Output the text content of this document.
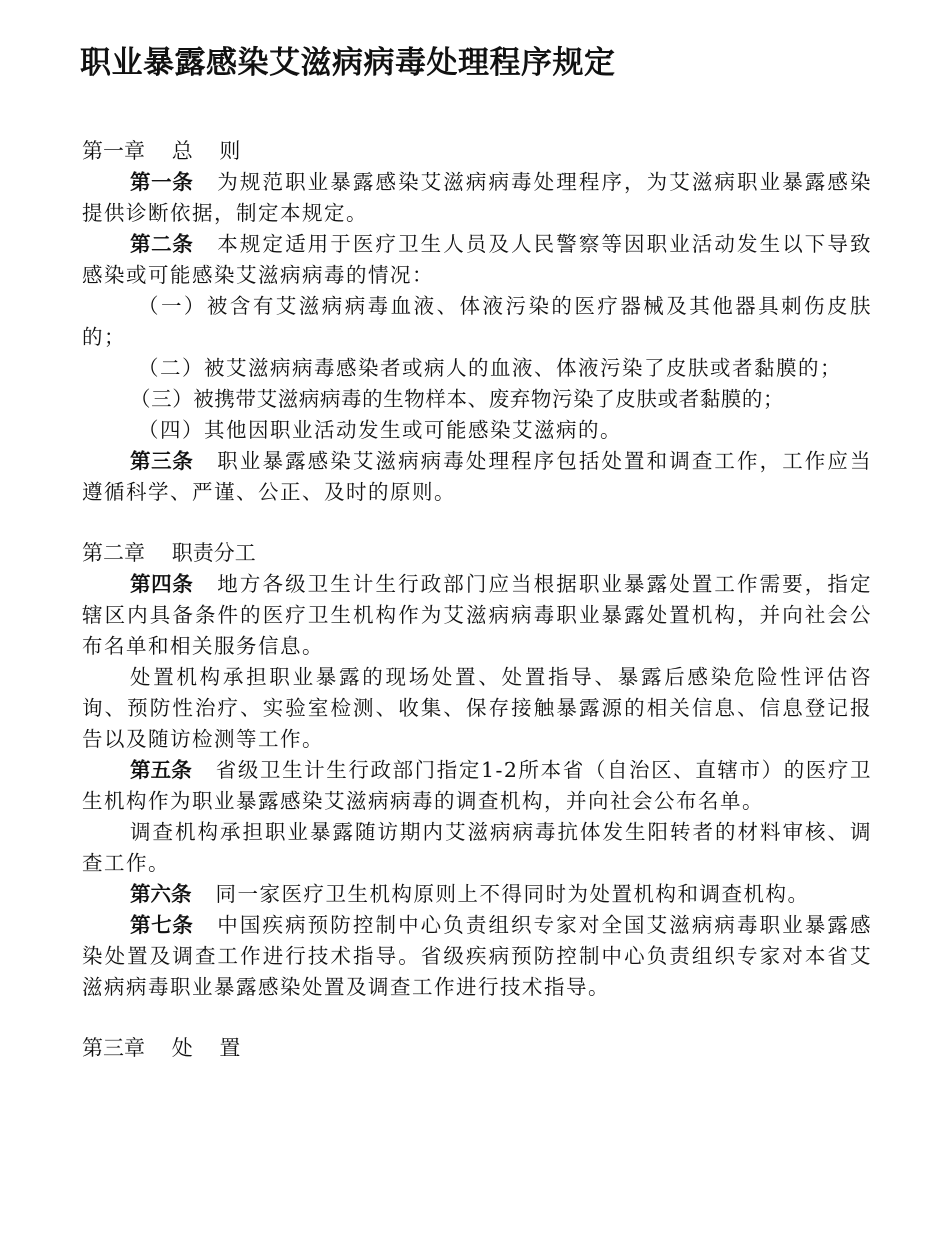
职业暴露感染艾滋病病毒处理程序规定
第一章    总    则

第一条 为规范职业暴露感染艾滋病病毒处理程序，为艾滋病职业暴露感染提供诊断依据，制定本规定。

第二条 本规定适用于医疗卫生人员及人民警察等因职业活动发生以下导致感染或可能感染艾滋病病毒的情况：

（一）被含有艾滋病病毒血液、体液污染的医疗器械及其他器具刺伤皮肤的；

（二）被艾滋病病毒感染者或病人的血液、体液污染了皮肤或者黏膜的；

（三）被携带艾滋病病毒的生物样本、废弃物污染了皮肤或者黏膜的；

（四）其他因职业活动发生或可能感染艾滋病的。

第三条 职业暴露感染艾滋病病毒处理程序包括处置和调查工作，工作应当遵循科学、严谨、公正、及时的原则。

第二章    职责分工

第四条 地方各级卫生计生行政部门应当根据职业暴露处置工作需要，指定辖区内具备条件的医疗卫生机构作为艾滋病病毒职业暴露处置机构，并向社会公布名单和相关服务信息。

处置机构承担职业暴露的现场处置、处置指导、暴露后感染危险性评估咨询、预防性治疗、实验室检测、收集、保存接触暴露源的相关信息、信息登记报告以及随访检测等工作。

第五条 省级卫生计生行政部门指定1-2所本省（自治区、直辖市）的医疗卫生机构作为职业暴露感染艾滋病病毒的调查机构，并向社会公布名单。

调查机构承担职业暴露随访期内艾滋病病毒抗体发生阳转者的材料审核、调查工作。

第六条 同一家医疗卫生机构原则上不得同时为处置机构和调查机构。

第七条 中国疾病预防控制中心负责组织专家对全国艾滋病病毒职业暴露感染处置及调查工作进行技术指导。省级疾病预防控制中心负责组织专家对本省艾滋病病毒职业暴露感染处置及调查工作进行技术指导。

第三章    处    置
